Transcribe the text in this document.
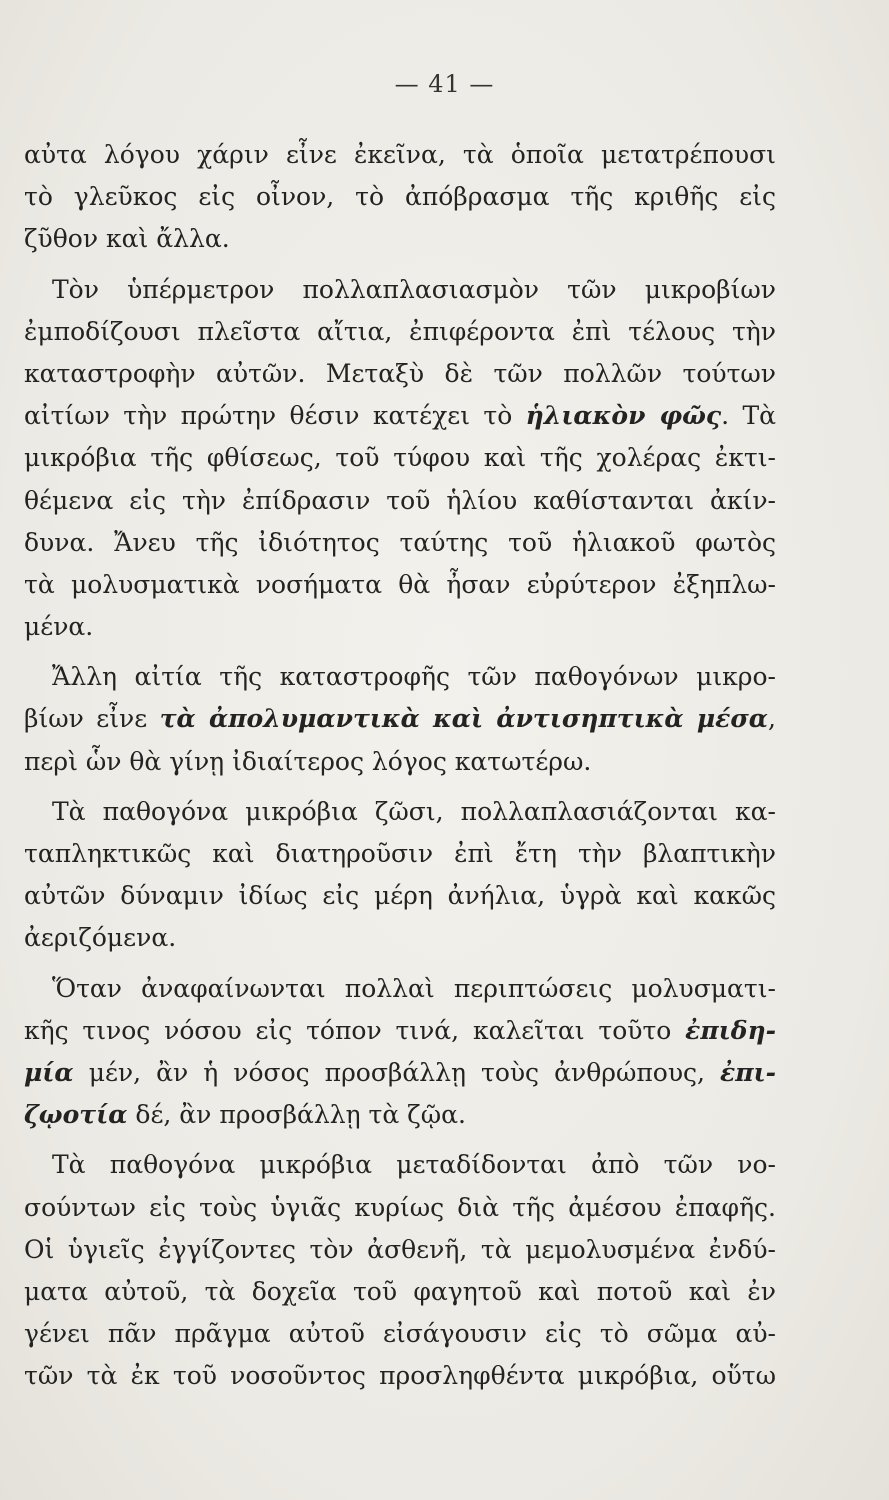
— 41 —
αὐτα λόγου χάριν εἶνε ἐκεῖνα, τὰ ὁποῖα μετατρέπουσι
τὸ γλεῦκος εἰς οἶνον, τὸ ἀπόβρασμα τῆς κριθῆς εἰς
ζῦθον καὶ ἄλλα.
Τὸν ὑπέρμετρον πολλαπλασιασμὸν τῶν μικροβίων
ἐμποδίζουσι πλεῖστα αἴτια, ἐπιφέροντα ἐπὶ τέλους τὴν
καταστροφὴν αὐτῶν. Μεταξὺ δὲ τῶν πολλῶν τούτων
αἰτίων τὴν πρώτην θέσιν κατέχει τὸ ἡλιακὸν φῶς. Τὰ
μικρόβια τῆς φθίσεως, τοῦ τύφου καὶ τῆς χολέρας ἐκτι-
θέμενα εἰς τὴν ἐπίδρασιν τοῦ ἡλίου καθίστανται ἀκίν-
δυνα. Ἄνευ τῆς ἰδιότητος ταύτης τοῦ ἡλιακοῦ φωτὸς
τὰ μολυσματικὰ νοσήματα θὰ ἦσαν εὐρύτερον ἐξηπλω-
μένα.
Ἄλλη αἰτία τῆς καταστροφῆς τῶν παθογόνων μικρο-
βίων εἶνε τὰ ἀπολυμαντικὰ καὶ ἀντισηπτικὰ μέσα,
περὶ ὧν θὰ γίνῃ ἰδιαίτερος λόγος κατωτέρω.
Τὰ παθογόνα μικρόβια ζῶσι, πολλαπλασιάζονται κα-
ταπληκτικῶς καὶ διατηροῦσιν ἐπὶ ἔτη τὴν βλαπτικὴν
αὐτῶν δύναμιν ἰδίως εἰς μέρη ἀνήλια, ὑγρὰ καὶ κακῶς
ἀεριζόμενα.
Ὅταν ἀναφαίνωνται πολλαὶ περιπτώσεις μολυσματι-
κῆς τινος νόσου εἰς τόπον τινά, καλεῖται τοῦτο ἐπιδη-
μία μέν, ἂν ἡ νόσος προσβάλλῃ τοὺς ἀνθρώπους, ἐπι-
ζῳοτία δέ, ἂν προσβάλλῃ τὰ ζῷα.
Τὰ παθογόνα μικρόβια μεταδίδονται ἀπὸ τῶν νο-
σούντων εἰς τοὺς ὑγιᾶς κυρίως διὰ τῆς ἀμέσου ἐπαφῆς.
Οἱ ὑγιεῖς ἐγγίζοντες τὸν ἀσθενῆ, τὰ μεμολυσμένα ἐνδύ-
ματα αὐτοῦ, τὰ δοχεῖα τοῦ φαγητοῦ καὶ ποτοῦ καὶ ἐν
γένει πᾶν πρᾶγμα αὐτοῦ εἰσάγουσιν εἰς τὸ σῶμα αὐ-
τῶν τὰ ἐκ τοῦ νοσοῦντος προσληφθέντα μικρόβια, οὕτω
